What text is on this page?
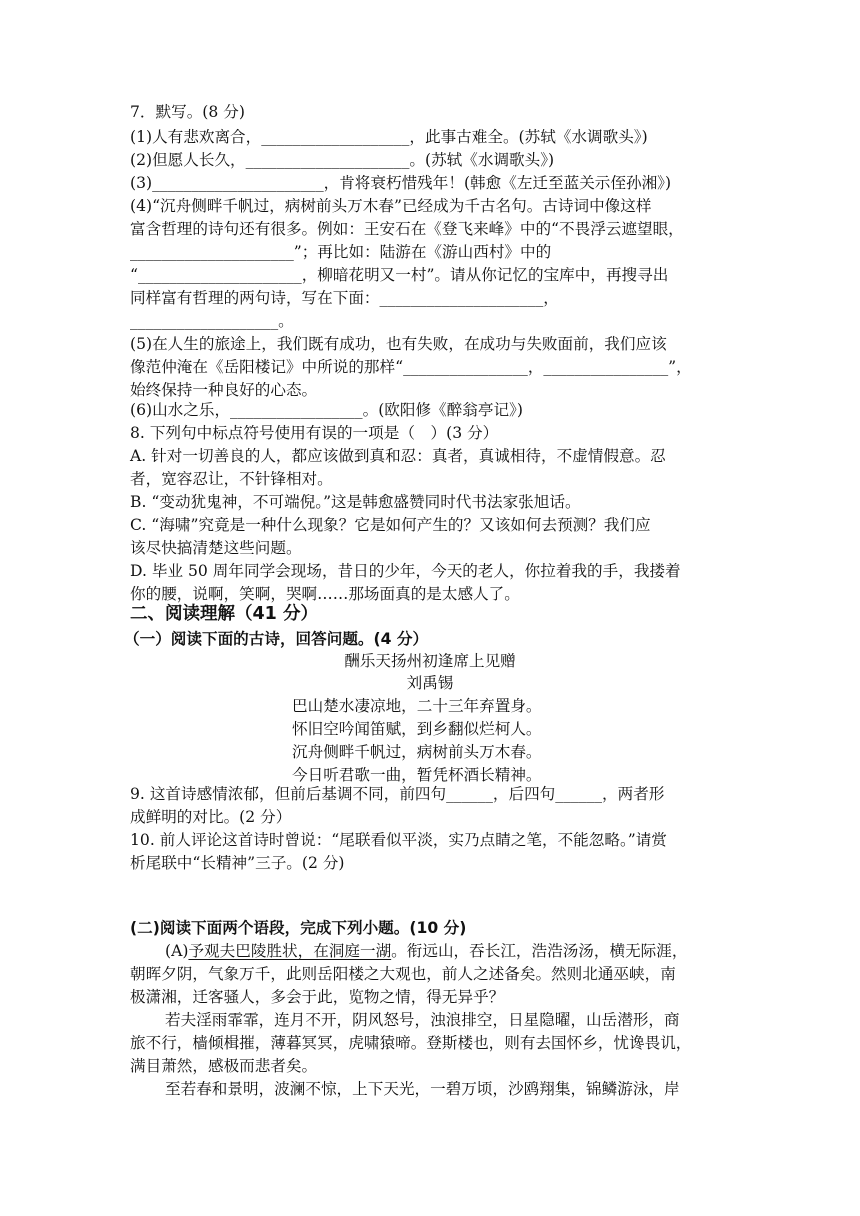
7．默写。(8 分)
(1)人有悲欢离合，___________________，此事古难全。(苏轼《水调歌头》)
(2)但愿人长久，_____________________。(苏轼《水调歌头》)
(3)______________________，肯将衰朽惜残年！(韩愈《左迁至蓝关示侄孙湘》)
(4)“沉舟侧畔千帆过，病树前头万木春”已经成为千古名句。古诗词中像这样
富含哲理的诗句还有很多。例如：王安石在《登飞来峰》中的“不畏浮云遮望眼，
_____________________”；再比如：陆游在《游山西村》中的
“_____________________，柳暗花明又一村”。请从你记忆的宝库中，再搜寻出
同样富有哲理的两句诗，写在下面：_____________________，
___________________。
(5)在人生的旅途上，我们既有成功，也有失败，在成功与失败面前，我们应该
像范仲淹在《岳阳楼记》中所说的那样“________________，________________”，
始终保持一种良好的心态。
(6)山水之乐，_________________。(欧阳修《醉翁亭记》)
8. 下列句中标点符号使用有误的一项是（　）(3 分）
A. 针对一切善良的人，都应该做到真和忍：真者，真诚相待，不虚情假意。忍
者，宽容忍让，不针锋相对。
B. “变动犹鬼神，不可端倪。”这是韩愈盛赞同时代书法家张旭话。
C. “海啸”究竟是一种什么现象？它是如何产生的？又该如何去预测？我们应
该尽快搞清楚这些问题。
D. 毕业 50 周年同学会现场，昔日的少年，今天的老人，你拉着我的手，我搂着
你的腰，说啊，笑啊，哭啊……那场面真的是太感人了。
二、阅读理解（41 分）
（一）阅读下面的古诗，回答问题。(4 分）
酬乐天扬州初逢席上见赠
刘禹锡
巴山楚水凄凉地，二十三年弃置身。
怀旧空吟闻笛赋，到乡翻似烂柯人。
沉舟侧畔千帆过，病树前头万木春。
今日听君歌一曲，暂凭杯酒长精神。
9. 这首诗感情浓郁，但前后基调不同，前四句______，后四句______，两者形
成鲜明的对比。(2 分）
10. 前人评论这首诗时曾说：“尾联看似平淡，实乃点睛之笔，不能忽略。”请赏
析尾联中“长精神”三子。(2 分)
(二)阅读下面两个语段，完成下列小题。(10 分)
(A)予观夫巴陵胜状，在洞庭一湖。衔远山，吞长江，浩浩汤汤，横无际涯，
朝晖夕阴，气象万千，此则岳阳楼之大观也，前人之述备矣。然则北通巫峡，南
极潇湘，迁客骚人，多会于此，览物之情，得无异乎？
若夫淫雨霏霏，连月不开，阴风怒号，浊浪排空，日星隐曜，山岳潜形，商
旅不行，樯倾楫摧，薄暮冥冥，虎啸猿啼。登斯楼也，则有去国怀乡，忧谗畏讥，
满目萧然，感极而悲者矣。
至若春和景明，波澜不惊，上下天光，一碧万顷，沙鸥翔集，锦鳞游泳，岸
